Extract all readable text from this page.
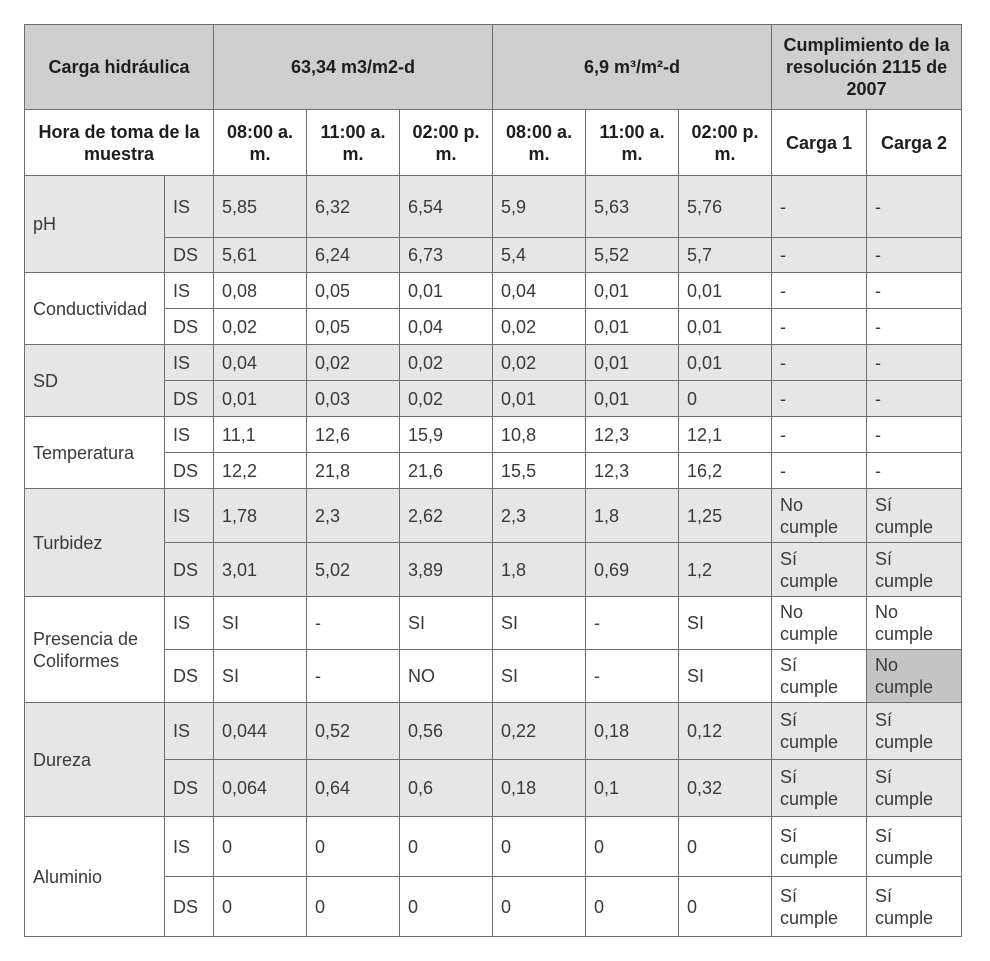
Carga hidráulica		63,34 m3/m2-d			6,9 m³/m²-d			Cumplimiento de la resolución 2115 de 2007	
Hora de toma de la muestra		08:00 a. m.	11:00 a. m.	02:00 p. m.	08:00 a. m.	11:00 a. m.	02:00 p. m.	Carga 1	Carga 2
pH	IS	5,85	6,32	6,54	5,9	5,63	5,76	-	-
	DS	5,61	6,24	6,73	5,4	5,52	5,7	-	-
Conductividad	IS	0,08	0,05	0,01	0,04	0,01	0,01	-	-
	DS	0,02	0,05	0,04	0,02	0,01	0,01	-	-
SD	IS	0,04	0,02	0,02	0,02	0,01	0,01	-	-
	DS	0,01	0,03	0,02	0,01	0,01	0	-	-
Temperatura	IS	11,1	12,6	15,9	10,8	12,3	12,1	-	-
	DS	12,2	21,8	21,6	15,5	12,3	16,2	-	-
Turbidez	IS	1,78	2,3	2,62	2,3	1,8	1,25	No cumple	Sí cumple
	DS	3,01	5,02	3,89	1,8	0,69	1,2	Sí cumple	Sí cumple
Presencia de Coliformes	IS	SI	-	SI	SI	-	SI	No cumple	No cumple
	DS	SI	-	NO	SI	-	SI	Sí cumple	No cumple
Dureza	IS	0,044	0,52	0,56	0,22	0,18	0,12	Sí cumple	Sí cumple
	DS	0,064	0,64	0,6	0,18	0,1	0,32	Sí cumple	Sí cumple
Aluminio	IS	0	0	0	0	0	0	Sí cumple	Sí cumple
	DS	0	0	0	0	0	0	Sí cumple	Sí cumple
